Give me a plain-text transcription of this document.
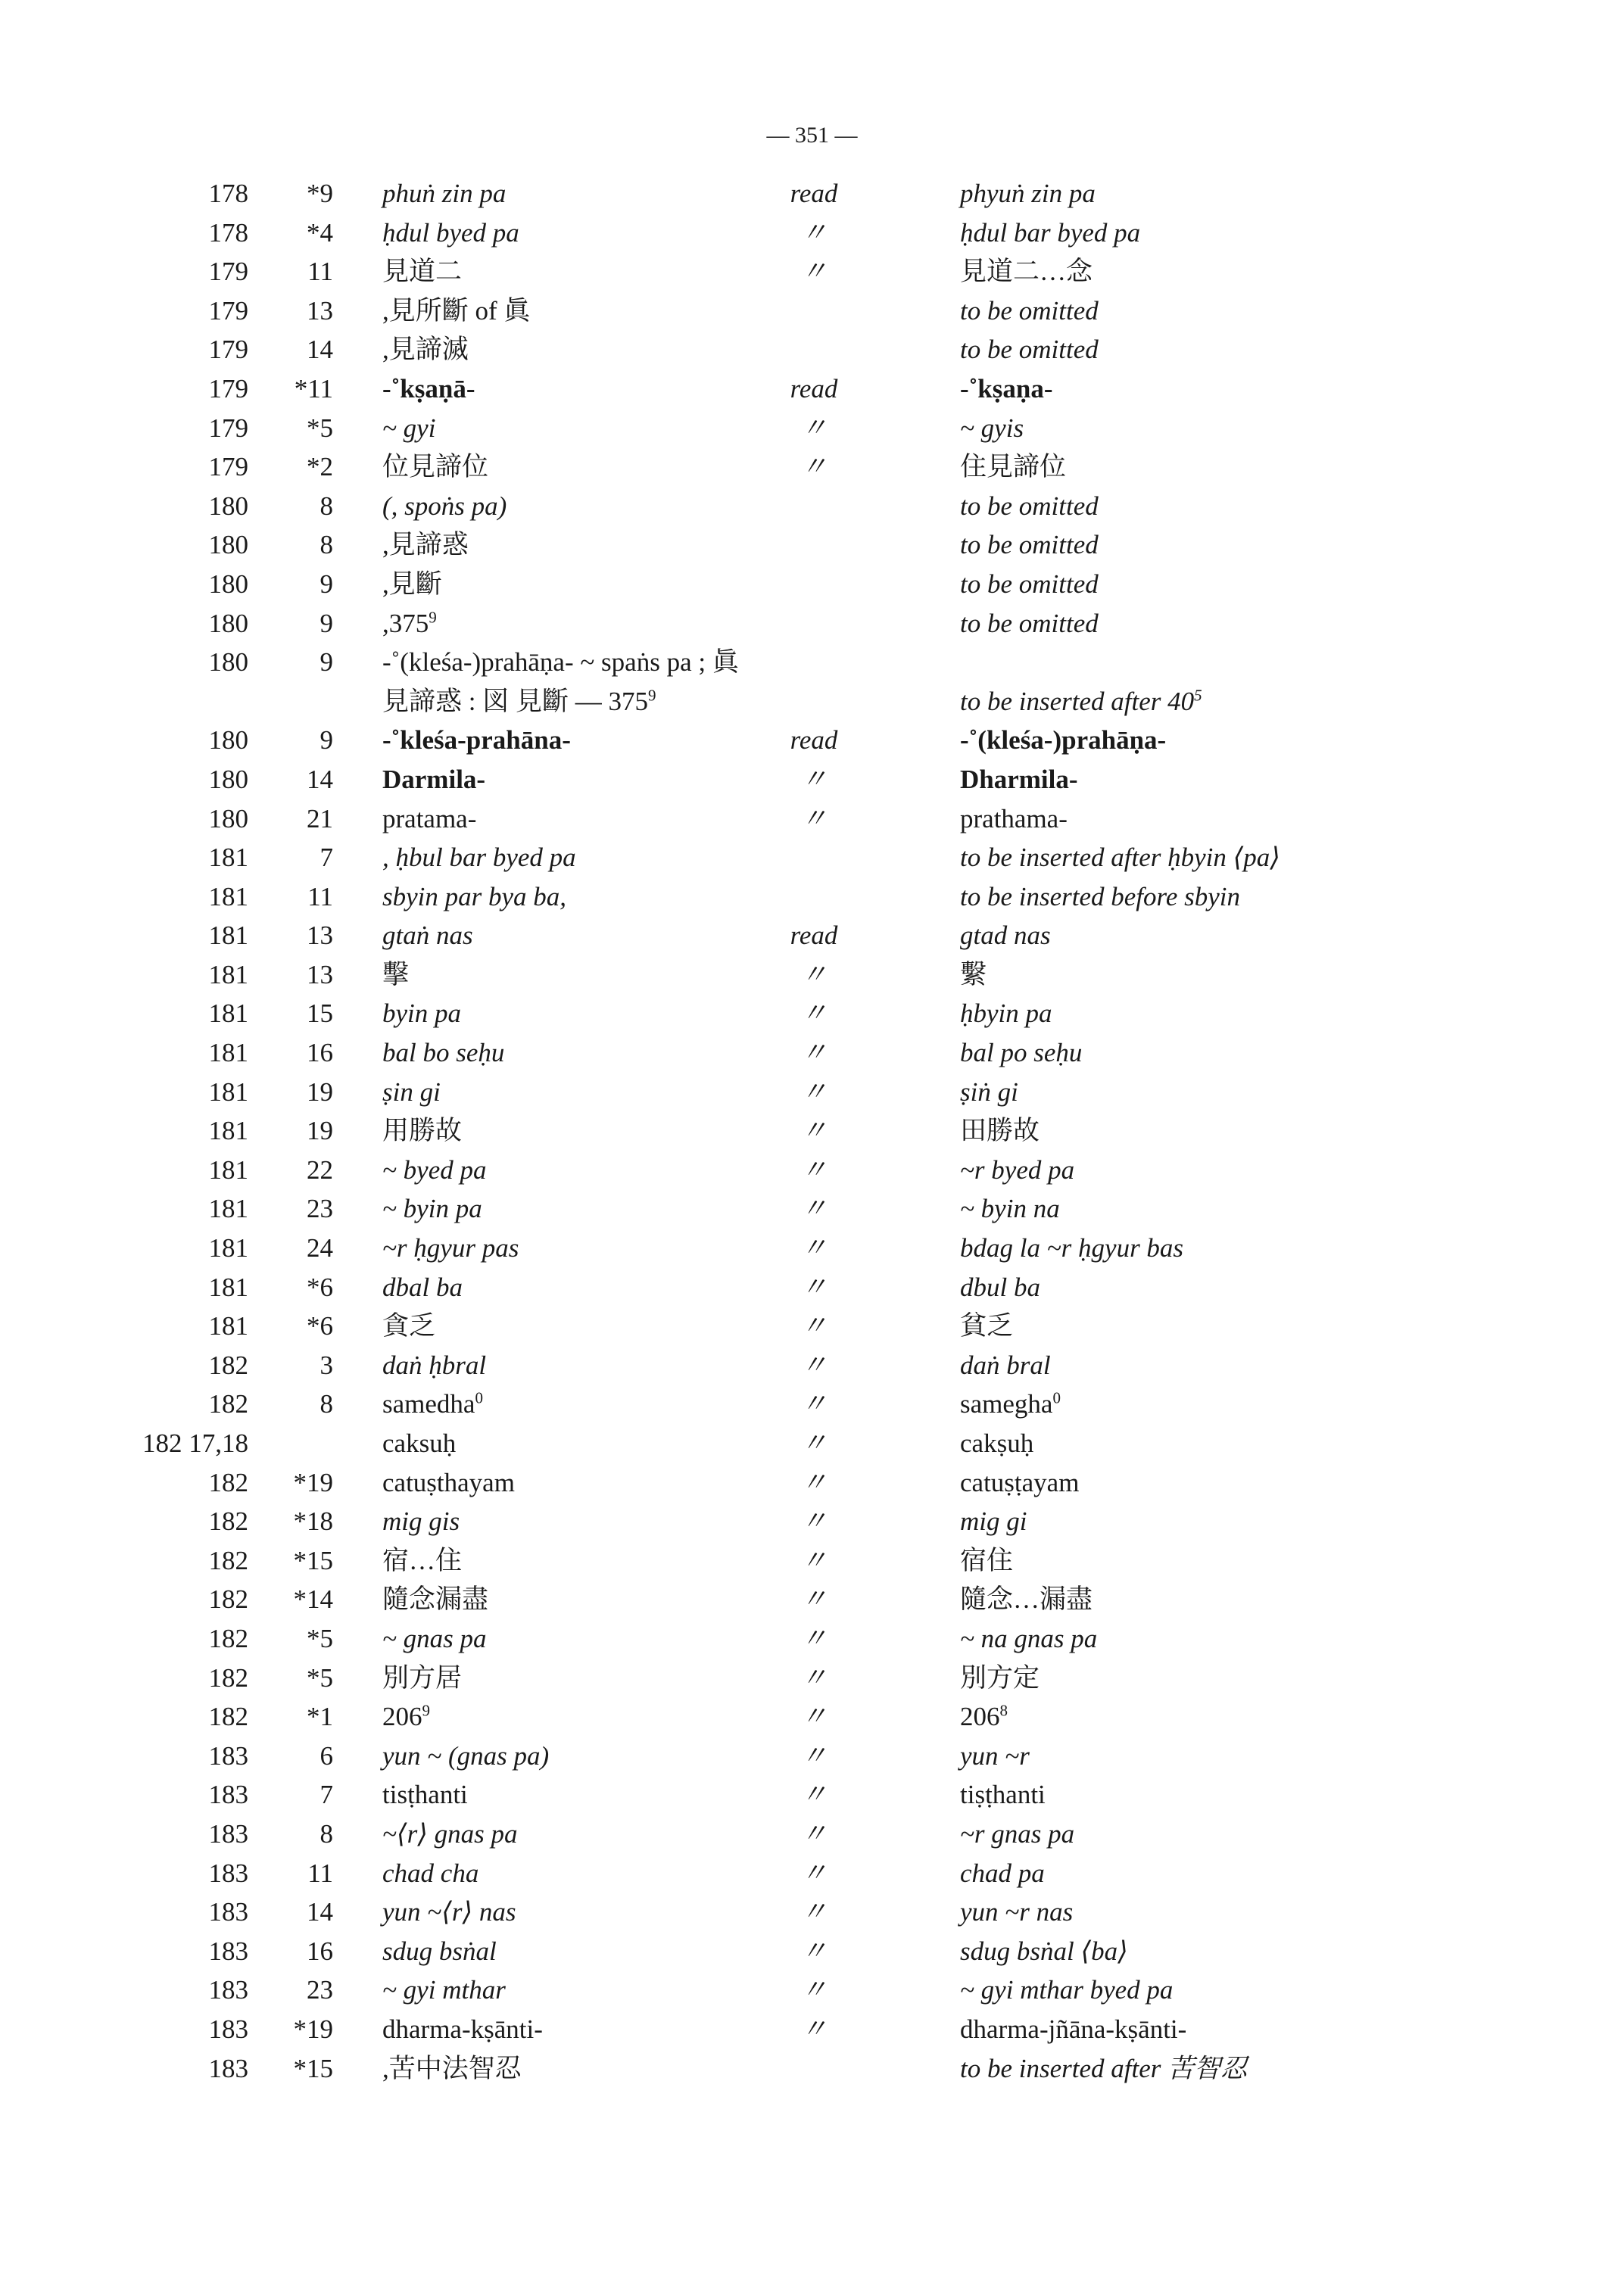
— 351 —
178 *9 phuṅ zin pa	read	phyuṅ zin pa
178 *4 ḥdul byed pa	〃	ḥdul bar byed pa
179 11 見道二	〃	見道二…念
179 13 ,見所斷 of 眞	to be omitted
179 14 ,見諦滅	to be omitted
179 *11 -˚kṣaṇā-	read	-˚kṣaṇa-
179 *5 ~ gyi	〃	~ gyis
179 *2 位見諦位	〃	住見諦位
180	8 (, spoṅs pa)	to be omitted
180	8 ,見諦惑	to be omitted
180	9 ,見斷	to be omitted
180	9 ,375$^9$	to be omitted
180	9 -˚(kleśa-)prahāṇa- ~ spaṅs pa ; 眞
見諦惑 : 図 見斷 — $375^9$	to be inserted after $40^5$
180	9 -˚kleśa-prahāna-	read	-˚(kleśa-)prahāṇa-
180 14 Darmila-	〃	Dharmila-
180 21 pratama-	〃	prathama-
181	7 , ḥbul bar byed pa	to be inserted after ḥbyin ⟨pa⟩
181 11 sbyin par bya ba,	to be inserted before sbyin
181 13 gtaṅ nas	read	gtad nas
181 13 擊	〃	繫
181 15 byin pa	〃	ḥbyin pa
181 16 bal bo seḥu	〃	bal po seḥu
181 19 ṣin gi	〃	ṣiṅ gi
181 19 用勝故	〃	田勝故
181 22 ~ byed pa	〃	~r byed pa
181 23 ~ byin pa	〃	~ byin na
181 24 ~r ḥgyur pas	〃	bdag la ~r ḥgyur bas
181 *6 dbal ba	〃	dbul ba
181 *6 貪乏	〃	貧乏
182	3 daṅ ḥbral	〃	daṅ bral
182	8 samedha$^0$	〃	samegha$^0$
182 17,18	caksuḥ	〃	cakṣuḥ
182 *19 catuṣthayam	〃	catuṣṭayam
182 *18 mig gis	〃	mig gi
182 *15 宿…住	〃	宿住
182 *14 隨念漏盡	〃	隨念…漏盡
182 *5 ~ gnas pa	〃	~ na gnas pa
182 *5 別方居	〃	別方定
182 *1 $206^9$	〃	$206^8$
183	6 yun ~ (gnas pa)	〃	yun ~r
183	7 tisṭhanti	〃	tiṣṭhanti
183	8 ~⟨r⟩ gnas pa	〃	~r gnas pa
183 11 chad cha	〃	chad pa
183 14 yun ~⟨r⟩ nas	〃	yun ~r nas
183 16 sdug bsṅal	〃	sdug bsṅal ⟨ba⟩
183 23 ~ gyi mthar	〃	~ gyi mthar byed pa
183 *19 dharma-kṣānti-	〃	dharma-jñāna-kṣānti-
183 *15 ,苦中法智忍	to be inserted after 苦智忍
